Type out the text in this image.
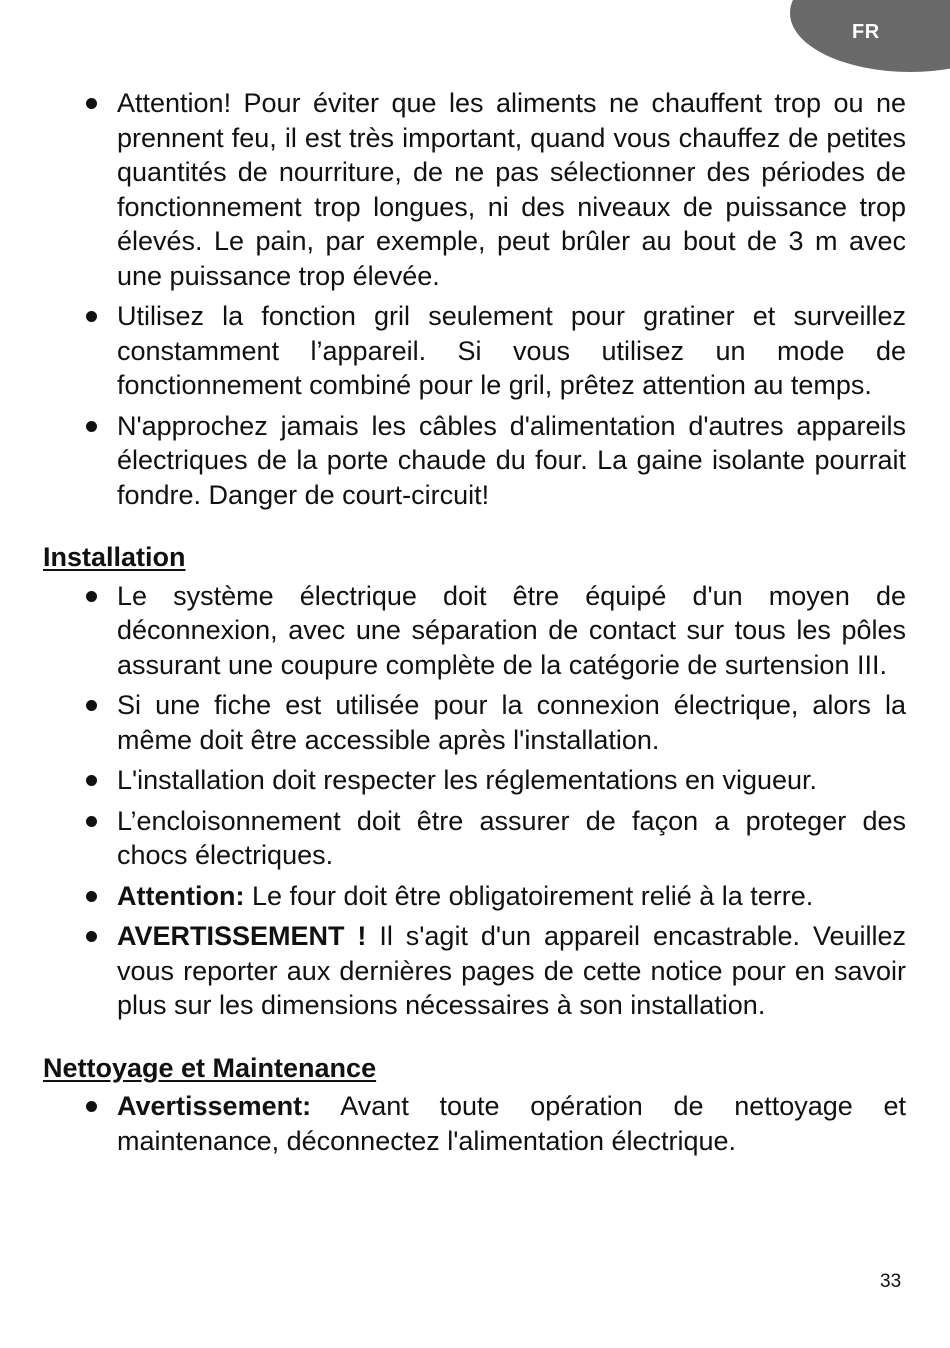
FR
Attention! Pour éviter que les aliments ne chauffent trop ou ne prennent feu, il est très important, quand vous chauffez de petites quantités de nourriture, de ne pas sélectionner des périodes de fonctionnement trop longues, ni des niveaux de puissance trop élevés. Le pain, par exemple, peut brûler au bout de 3 m avec une puissance trop élevée.
Utilisez la fonction gril seulement pour gratiner et surveillez constamment l’appareil. Si vous utilisez un mode de fonctionnement combiné pour le gril, prêtez attention au temps.
N'approchez jamais les câbles d'alimentation d'autres appareils électriques de la porte chaude du four. La gaine isolante pourrait fondre. Danger de court-circuit!
Installation
Le système électrique doit être équipé d'un moyen de déconnexion, avec une séparation de contact sur tous les pôles assurant une coupure complète de la catégorie de surtension III.
Si une fiche est utilisée pour la connexion électrique, alors la même doit être accessible après l'installation.
L'installation doit respecter les réglementations en vigueur.
L’encloisonnement doit être assurer de façon a proteger des chocs électriques.
Attention: Le four doit être obligatoirement relié à la terre.
AVERTISSEMENT ! Il s'agit d'un appareil encastrable. Veuillez vous reporter aux dernières pages de cette notice pour en savoir plus sur les dimensions nécessaires à son installation.
Nettoyage et Maintenance
Avertissement: Avant toute opération de nettoyage et maintenance, déconnectez l'alimentation électrique.
33
